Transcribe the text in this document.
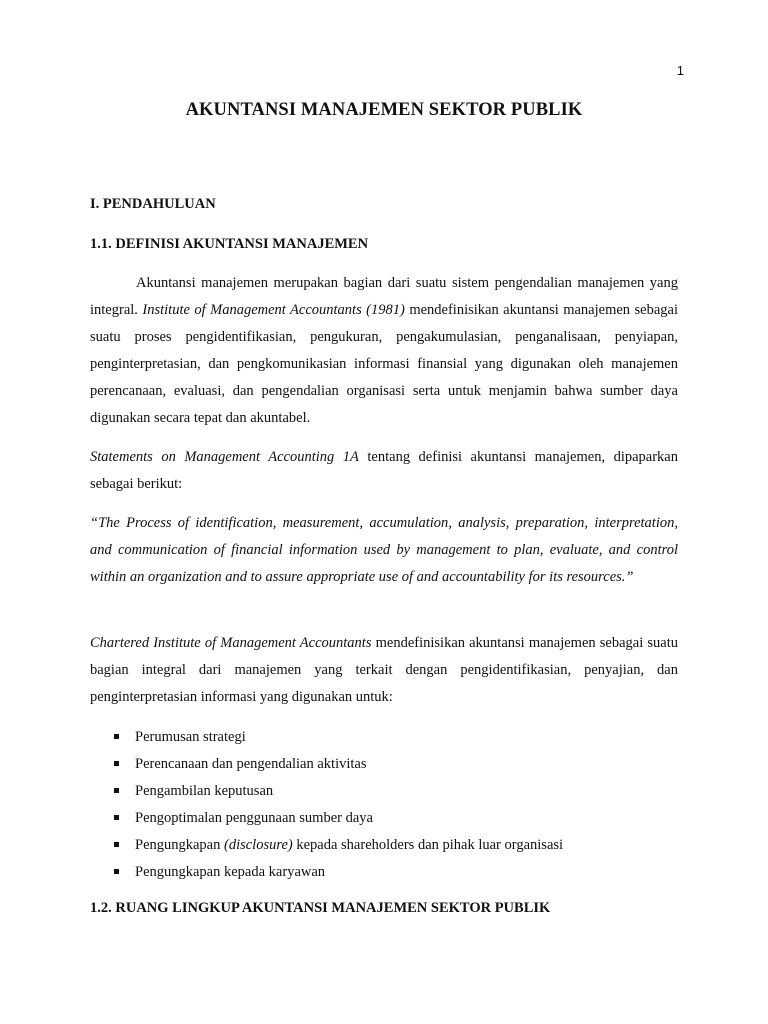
1
AKUNTANSI MANAJEMEN SEKTOR PUBLIK
I. PENDAHULUAN
1.1. DEFINISI AKUNTANSI MANAJEMEN

Akuntansi manajemen merupakan bagian dari suatu sistem pengendalian manajemen yang integral. Institute of Management Accountants (1981) mendefinisikan akuntansi manajemen sebagai suatu proses pengidentifikasian, pengukuran, pengakumulasian, penganalisaan, penyiapan, penginterpretasian, dan pengkomunikasian informasi finansial yang digunakan oleh manajemen perencanaan, evaluasi, dan pengendalian organisasi serta untuk menjamin bahwa sumber daya digunakan secara tepat dan akuntabel.

Statements on Management Accounting 1A tentang definisi akuntansi manajemen, dipaparkan sebagai berikut:

“The Process of identification, measurement, accumulation, analysis, preparation, interpretation, and communication of financial information used by management to plan, evaluate, and control within an organization and to assure appropriate use of and accountability for its resources.”

Chartered Institute of Management Accountants mendefinisikan akuntansi manajemen sebagai suatu bagian integral dari manajemen yang terkait dengan pengidentifikasian, penyajian, dan penginterpretasian informasi yang digunakan untuk:

Perumusan strategi
Perencanaan dan pengendalian aktivitas
Pengambilan keputusan
Pengoptimalan penggunaan sumber daya
Pengungkapan (disclosure) kepada shareholders dan pihak luar organisasi
Pengungkapan kepada karyawan
1.2. RUANG LINGKUP AKUNTANSI MANAJEMEN SEKTOR PUBLIK
